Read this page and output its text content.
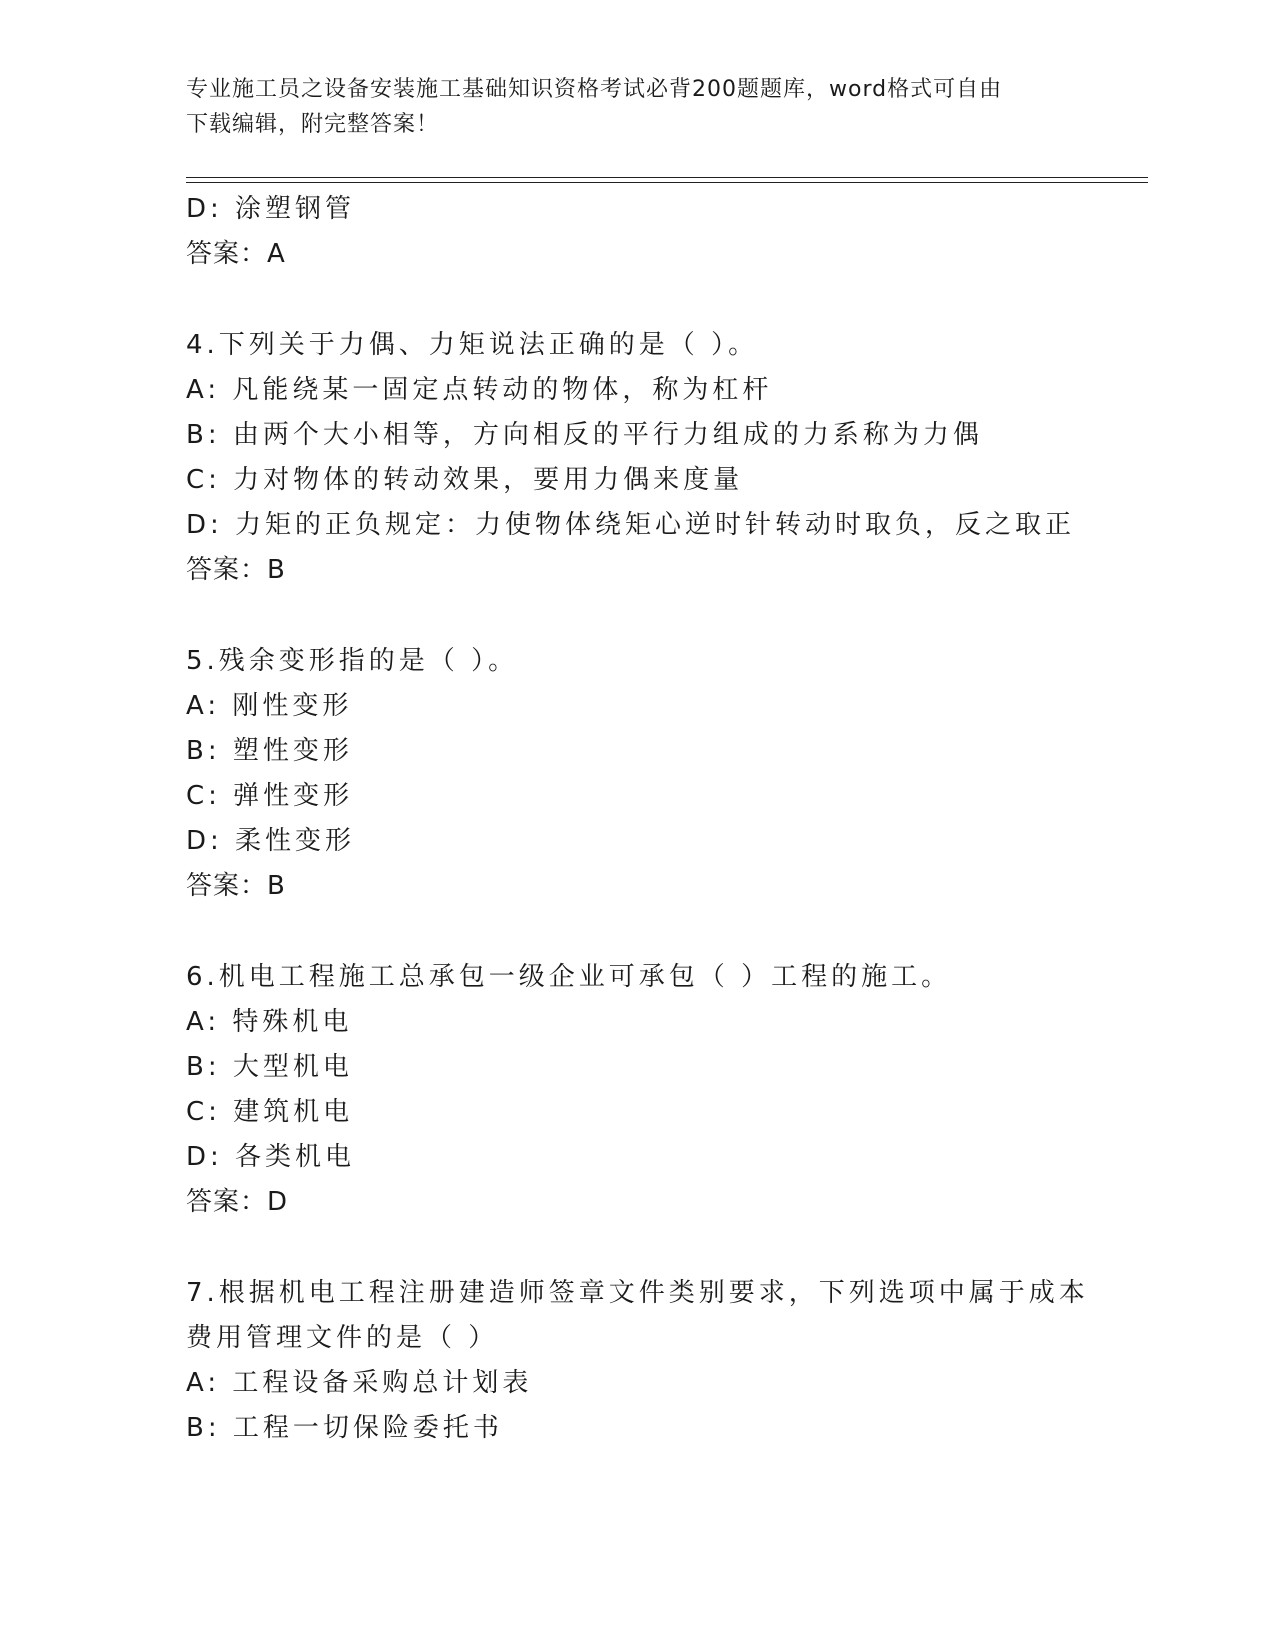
专业施工员之设备安装施工基础知识资格考试必背200题题库，word格式可自由
下载编辑，附完整答案！
D: 涂塑钢管
答案：A
4.下列关于力偶、力矩说法正确的是（ ）。
A: 凡能绕某一固定点转动的物体，称为杠杆
B: 由两个大小相等，方向相反的平行力组成的力系称为力偶
C: 力对物体的转动效果，要用力偶来度量
D: 力矩的正负规定：力使物体绕矩心逆时针转动时取负，反之取正
答案：B
5.残余变形指的是（ ）。
A: 刚性变形
B: 塑性变形
C: 弹性变形
D: 柔性变形
答案：B
6.机电工程施工总承包一级企业可承包（ ）工程的施工。
A: 特殊机电
B: 大型机电
C: 建筑机电
D: 各类机电
答案：D
7.根据机电工程注册建造师签章文件类别要求，下列选项中属于成本
费用管理文件的是（ ）
A: 工程设备采购总计划表
B: 工程一切保险委托书
